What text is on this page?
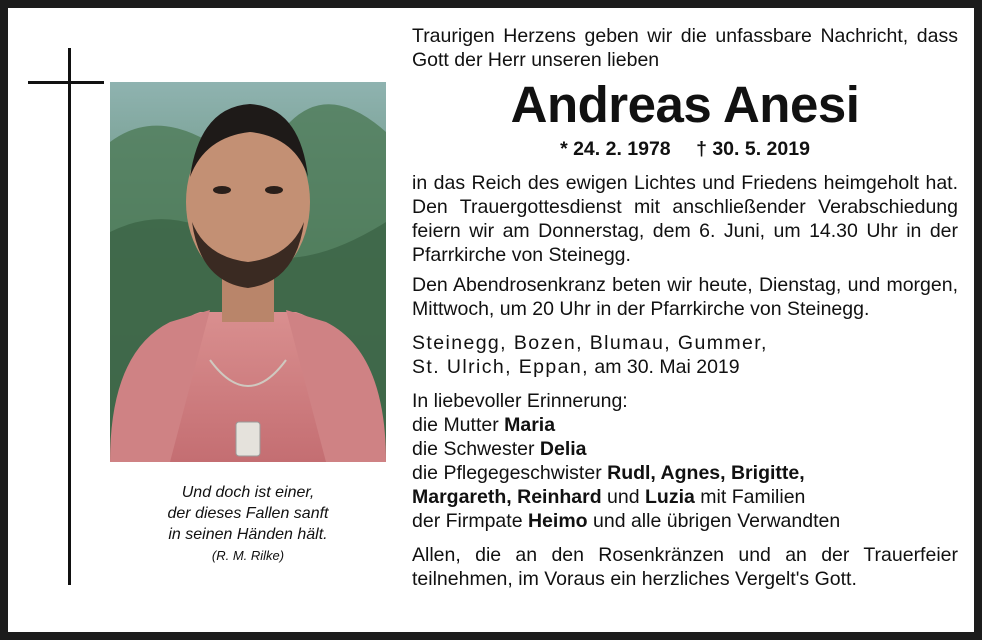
Und doch ist einer,
der dieses Fallen sanft
in seinen Händen hält.
(R. M. Rilke)

Traurigen Herzens geben wir die unfassbare Nachricht, dass Gott der Herr unseren lieben

Andreas Anesi

* 24. 2. 1978 † 30. 5. 2019

in das Reich des ewigen Lichtes und Friedens heimgeholt hat. Den Trauergottesdienst mit anschließender Verabschiedung feiern wir am Donnerstag, dem 6. Juni, um 14.30 Uhr in der Pfarrkirche von Steinegg.

Den Abendrosenkranz beten wir heute, Dienstag, und morgen, Mittwoch, um 20 Uhr in der Pfarrkirche von Steinegg.

Steinegg, Bozen, Blumau, Gummer,
St. Ulrich, Eppan, am 30. Mai 2019

In liebevoller Erinnerung:
die Mutter Maria
die Schwester Delia
die Pflegegeschwister Rudl, Agnes, Brigitte,
Margareth, Reinhard und Luzia mit Familien
der Firmpate Heimo und alle übrigen Verwandten

Allen, die an den Rosenkränzen und an der Trauerfeier teilnehmen, im Voraus ein herzliches Vergelt's Gott.
